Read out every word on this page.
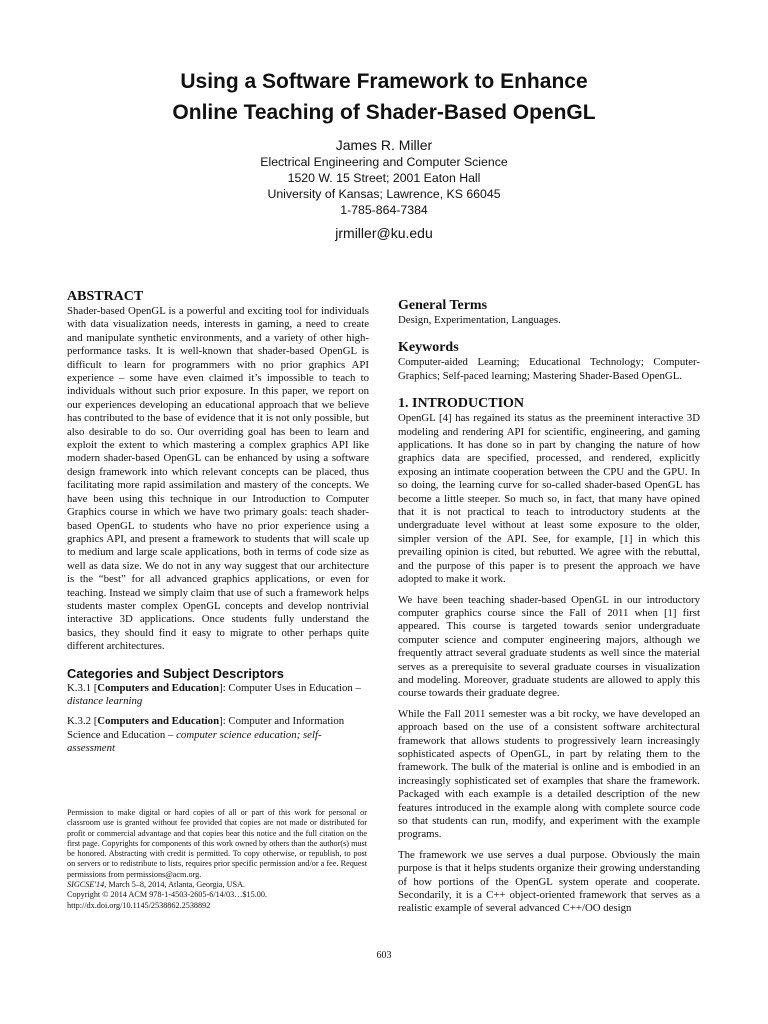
Using a Software Framework to Enhance
Online Teaching of Shader-Based OpenGL
James R. Miller
Electrical Engineering and Computer Science
1520 W. 15 Street; 2001 Eaton Hall
University of Kansas; Lawrence, KS 66045
1-785-864-7384
jrmiller@ku.edu
ABSTRACT

Shader-based OpenGL is a powerful and exciting tool for individuals with data visualization needs, interests in gaming, a need to create and manipulate synthetic environments, and a variety of other high-performance tasks. It is well-known that shader-based OpenGL is difficult to learn for programmers with no prior graphics API experience – some have even claimed it’s impossible to teach to individuals without such prior exposure. In this paper, we report on our experiences developing an educational approach that we believe has contributed to the base of evidence that it is not only possible, but also desirable to do so. Our overriding goal has been to learn and exploit the extent to which mastering a complex graphics API like modern shader-based OpenGL can be enhanced by using a software design framework into which relevant concepts can be placed, thus facilitating more rapid assimilation and mastery of the concepts. We have been using this technique in our Introduction to Computer Graphics course in which we have two primary goals: teach shader-based OpenGL to students who have no prior experience using a graphics API, and present a framework to students that will scale up to medium and large scale applications, both in terms of code size as well as data size. We do not in any way suggest that our architecture is the “best” for all advanced graphics applications, or even for teaching. Instead we simply claim that use of such a framework helps students master complex OpenGL concepts and develop nontrivial interactive 3D applications. Once students fully understand the basics, they should find it easy to migrate to other perhaps quite different architectures.

Categories and Subject Descriptors

K.3.1 [Computers and Education]: Computer Uses in Education – distance learning

K.3.2 [Computers and Education]: Computer and Information Science and Education – computer science education; self-assessment

Permission to make digital or hard copies of all or part of this work for personal or classroom use is granted without fee provided that copies are not made or distributed for profit or commercial advantage and that copies bear this notice and the full citation on the first page. Copyrights for components of this work owned by others than the author(s) must be honored. Abstracting with credit is permitted. To copy otherwise, or republish, to post on servers or to redistribute to lists, requires prior specific permission and/or a fee. Request permissions from permissions@acm.org.
SIGCSE'14, March 5–8, 2014, Atlanta, Georgia, USA.
Copyright © 2014 ACM 978-1-4503-2605-6/14/03…$15.00.
http://dx.doi.org/10.1145/2538862.2538892
General Terms

Design, Experimentation, Languages.

Keywords

Computer-aided Learning; Educational Technology; Computer-Graphics; Self-paced learning; Mastering Shader-Based OpenGL.

1. INTRODUCTION

OpenGL [4] has regained its status as the preeminent interactive 3D modeling and rendering API for scientific, engineering, and gaming applications. It has done so in part by changing the nature of how graphics data are specified, processed, and rendered, explicitly exposing an intimate cooperation between the CPU and the GPU. In so doing, the learning curve for so-called shader-based OpenGL has become a little steeper. So much so, in fact, that many have opined that it is not practical to teach to introductory students at the undergraduate level without at least some exposure to the older, simpler version of the API. See, for example, [1] in which this prevailing opinion is cited, but rebutted. We agree with the rebuttal, and the purpose of this paper is to present the approach we have adopted to make it work.

We have been teaching shader-based OpenGL in our introductory computer graphics course since the Fall of 2011 when [1] first appeared. This course is targeted towards senior undergraduate computer science and computer engineering majors, although we frequently attract several graduate students as well since the material serves as a prerequisite to several graduate courses in visualization and modeling. Moreover, graduate students are allowed to apply this course towards their graduate degree.

While the Fall 2011 semester was a bit rocky, we have developed an approach based on the use of a consistent software architectural framework that allows students to progressively learn increasingly sophisticated aspects of OpenGL, in part by relating them to the framework. The bulk of the material is online and is embodied in an increasingly sophisticated set of examples that share the framework. Packaged with each example is a detailed description of the new features introduced in the example along with complete source code so that students can run, modify, and experiment with the example programs.

The framework we use serves a dual purpose. Obviously the main purpose is that it helps students organize their growing understanding of how portions of the OpenGL system operate and cooperate. Secondarily, it is a C++ object-oriented framework that serves as a realistic example of several advanced C++/OO design

603
